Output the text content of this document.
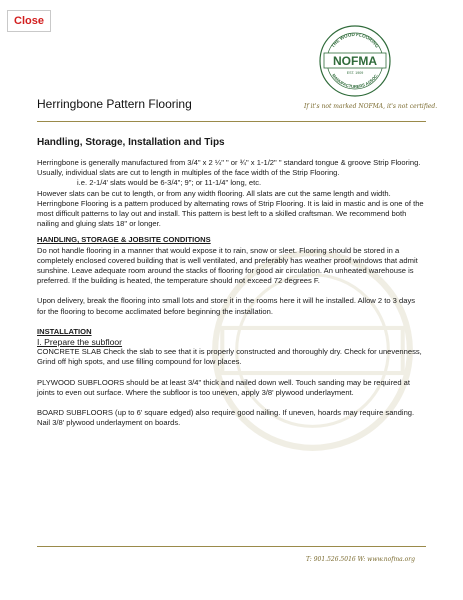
Close
THE WOOD FLOORING
MANUFACTURERS ASSOC.
NOFMA
EST. 1909
Herringbone Pattern Flooring	If it's not marked NOFMA, it's not certified.
Handling, Storage, Installation and Tips

Herringbone is generally manufactured from 3/4" x 2 ¼" " or ¾" x 1-1/2" " standard tongue & groove Strip Flooring. Usually, individual slats are cut to length in multiples of the face width of the Strip Flooring.

i.e. 2-1/4' slats would be 6-3/4"; 9"; or 11-1/4" long, etc.

However slats can be cut to length, or from any width flooring. All slats are cut the same length and width.

Herringbone Flooring is a pattern produced by alternating rows of Strip Flooring. It is laid in mastic and is one of the most difficult patterns to lay out and install. This pattern is best left to a skilled craftsman. We recommend both nailing and gluing slats 18" or longer.

HANDLING, STORAGE & JOBSITE CONDITIONS

Do not handle flooring in a manner that would expose it to rain, snow or sleet. Flooring should be stored in a completely enclosed covered building that is well ventilated, and preferably has weather proof windows that admit sunshine. Leave adequate room around the stacks of flooring for good air circulation. An unheated warehouse is preferred. If the building is heated, the temperature should not exceed 72 degrees F.

Upon delivery, break the flooring into small lots and store it in the rooms here it will he installed. Allow 2 to 3 days for the flooring to become acclimated before beginning the installation.

INSTALLATION

I. Prepare the subfloor

CONCRETE SLAB Check the slab to see that it is properly constructed and thoroughly dry. Check for unevenness, Grind off high spots, and use filling compound for low places.

PLYWOOD SUBFLOORS should be at least 3/4" thick and nailed down well. Touch sanding may be required at joints to even out surface. Where the subfloor is too uneven, apply 3/8' plywood underlayment.

BOARD SUBFLOORS (up to 6' square edged) also require good nailing. If uneven, hoards may require sanding. Nail 3/8' plywood underlayment on boards.

T: 901.526.5016 W: www.nofma.org
